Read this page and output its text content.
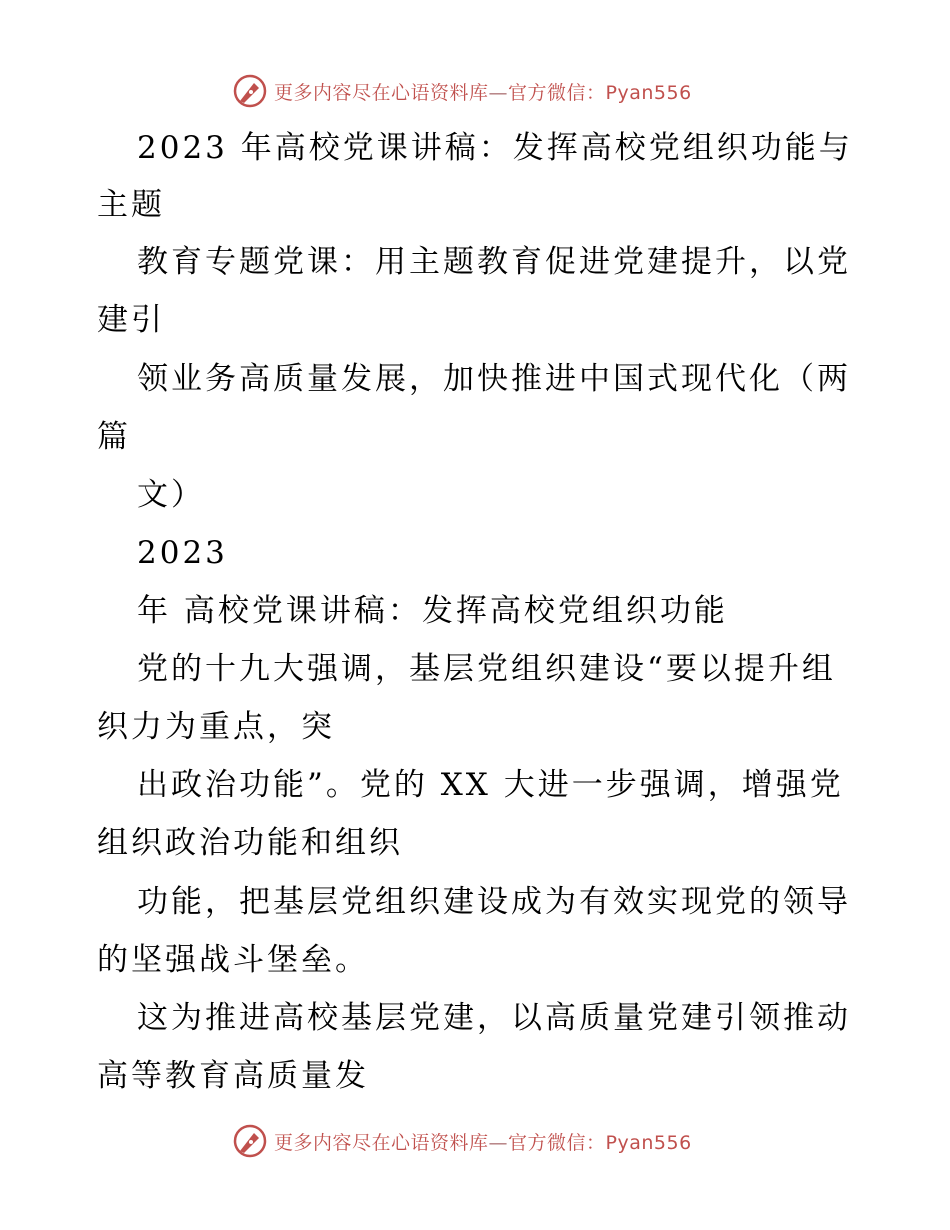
更多内容尽在心语资料库—官方微信：Pyan556

2023 年高校党课讲稿：发挥高校党组织功能与

主题

教育专题党课：用主题教育促进党建提升，以党

建引

领业务高质量发展，加快推进中国式现代化（两

篇

文）

2023

年 高校党课讲稿：发挥高校党组织功能

党的十九大强调，基层党组织建设“要以提升组

织力为重点，突

出政治功能”。党的 XX 大进一步强调，增强党

组织政治功能和组织

功能，把基层党组织建设成为有效实现党的领导

的坚强战斗堡垒。

这为推进高校基层党建，以高质量党建引领推动

高等教育高质量发

更多内容尽在心语资料库—官方微信：Pyan556
